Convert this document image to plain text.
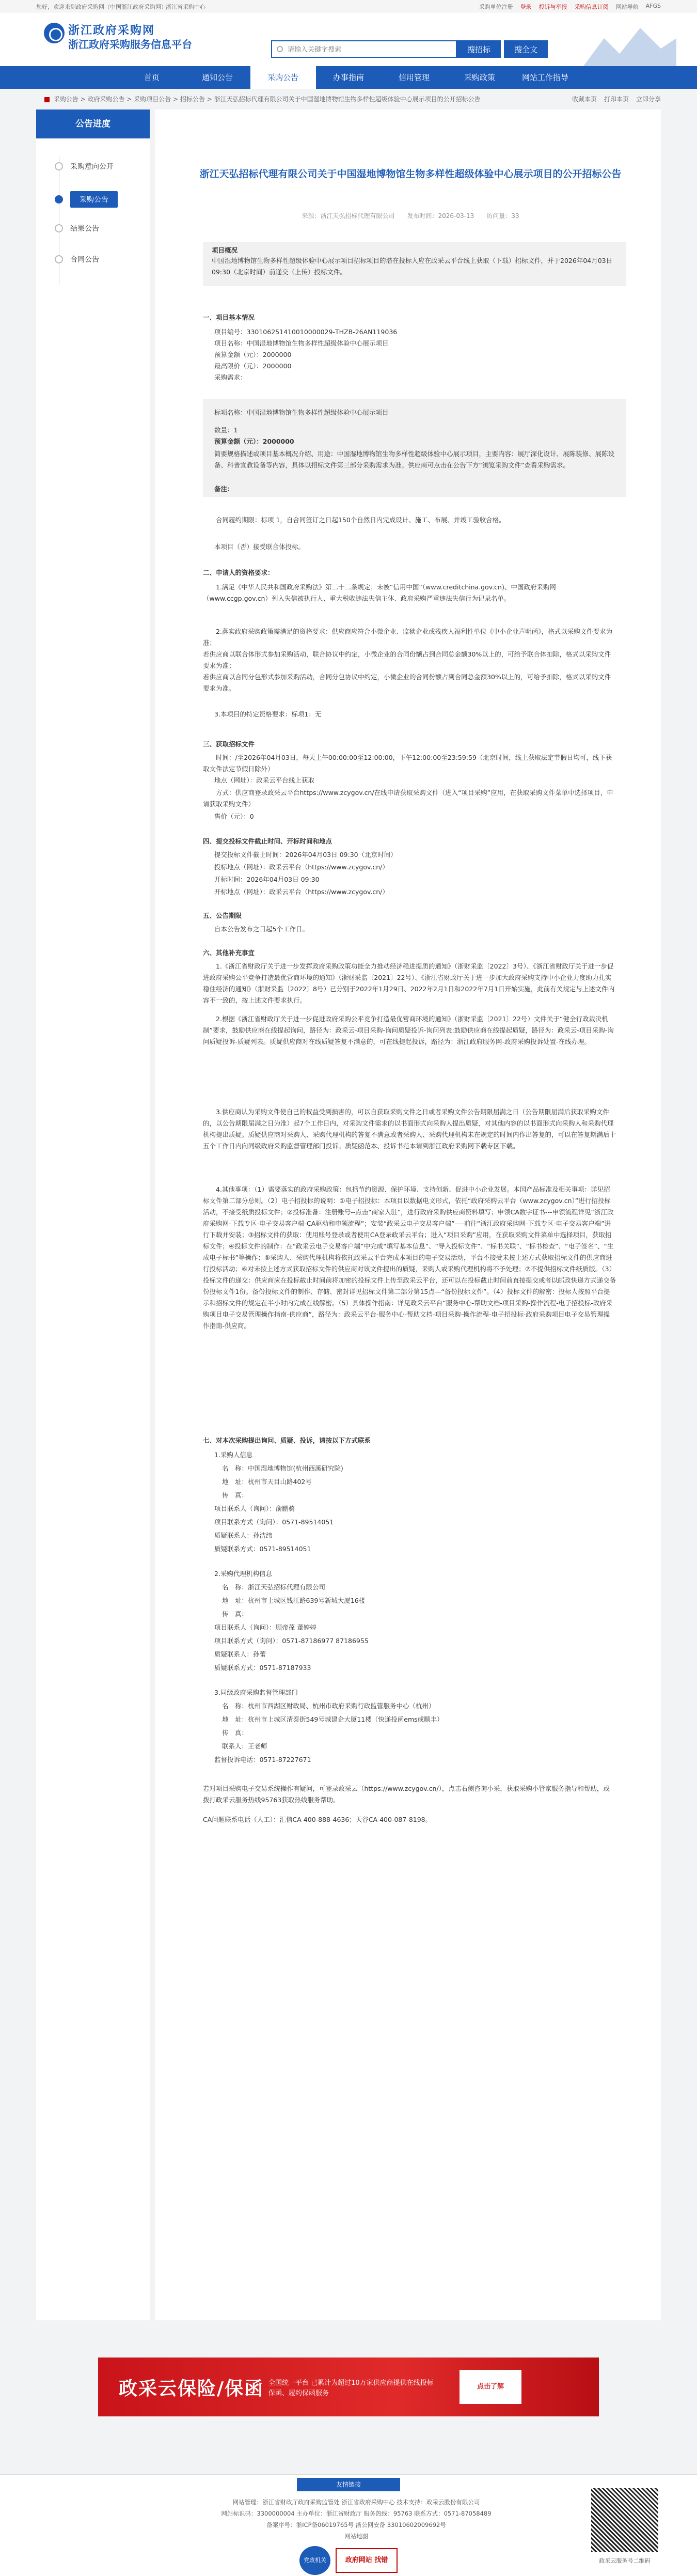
您好，欢迎来到政府采购网（中国浙江政府采购网）·浙江省采购中心	采购单位注册 登录 投诉与举报 采购信息订阅 网站导航 AFGS
浙江政府采购网
浙江政府采购服务信息平台
请输入关键字搜索	搜招标	搜全文
首页	通知公告	采购公告	办事指南	信用管理	采购政策	网站工作指导
采购公告 > 政府采购公告 > 采购项目公告 > 招标公告 > 浙江天弘招标代理有限公司关于中国湿地博物馆生物多样性超级体验中心展示项目的公开招标公告	收藏本页 打印本页 立即分享
公告进度
采购意向公开
采购公告
结果公告
合同公告
浙江天弘招标代理有限公司关于中国湿地博物馆生物多样性超级体验中心展示项目的公开招标公告
来源：浙江天弘招标代理有限公司　　发布时间：2026-03-13　　访问量：33
项目概况
中国湿地博物馆生物多样性超级体验中心展示项目招标项目的潜在投标人应在政采云平台线上获取（下载）招标文件，并于2026年04月03日 09:30（北京时间）前递交（上传）投标文件。
一、项目基本情况
项目编号：330106251410010000029-THZB-26AN119036
项目名称：中国湿地博物馆生物多样性超级体验中心展示项目
预算金额（元）：2000000
最高限价（元）：2000000
采购需求：
标项名称：中国湿地博物馆生物多样性超级体验中心展示项目
数量：1
预算金额（元）：2000000
简要规格描述或项目基本概况介绍、用途：中国湿地博物馆生物多样性超级体验中心展示项目，主要内容：展厅深化设计、展陈装修、展陈设备、科普宣教设备等内容，具体以招标文件第三部分采购需求为准。供应商可点击在公告下方“浏览采购文件”查看采购需求。
备注：
合同履约期限：标项 1，自合同签订之日起150个自然日内完成设计、施工、布展、并竣工验收合格。
本项目（否）接受联合体投标。
二、申请人的资格要求：
1.满足《中华人民共和国政府采购法》第二十二条规定；未被“信用中国”（www.creditchina.gov.cn)、中国政府采购网（www.ccgp.gov.cn）列入失信被执行人、重大税收违法失信主体、政府采购严重违法失信行为记录名单。
2.落实政府采购政策需满足的资格要求：供应商应符合小微企业、监狱企业或残疾人福利性单位《中小企业声明函》，格式以采购文件要求为准；
若供应商以联合体形式参加采购活动，联合协议中约定，小微企业的合同份额占到合同总金额30%以上的，可给予联合体扣除，格式以采购文件要求为准；
若供应商以合同分包形式参加采购活动，合同分包协议中约定，小微企业的合同份额占到合同总金额30%以上的，可给予扣除，格式以采购文件要求为准。
3.本项目的特定资格要求：标项1：无
三、获取招标文件
时间：/至2026年04月03日，每天上午00:00:00至12:00:00，下午12:00:00至23:59:59（北京时间，线上获取法定节假日均可，线下获取文件法定节假日除外）
地点（网址）：政采云平台线上获取
方式：供应商登录政采云平台https://www.zcygov.cn/在线申请获取采购文件（进入“项目采购”应用，在获取采购文件菜单中选择项目，申请获取采购文件）
售价（元）：0
四、提交投标文件截止时间、开标时间和地点
提交投标文件截止时间：2026年04月03日 09:30（北京时间）
投标地点（网址）：政采云平台（https://www.zcygov.cn/）
开标时间：2026年04月03日 09:30
开标地点（网址）：政采云平台（https://www.zcygov.cn/）
五、公告期限
自本公告发布之日起5个工作日。
六、其他补充事宜
1.《浙江省财政厅关于进一步发挥政府采购政策功能全力推动经济稳进提质的通知》（浙财采监〔2022〕3号）、《浙江省财政厅关于进一步促进政府采购公平竞争打造最优营商环境的通知》（浙财采监〔2021〕22号）、《浙江省财政厅关于进一步加大政府采购支持中小企业力度助力扎实稳住经济的通知》（浙财采监〔2022〕8号）已分别于2022年1月29日、2022年2月1日和2022年7月1日开始实施，此前有关规定与上述文件内容不一致的，按上述文件要求执行。
2.根据《浙江省财政厅关于进一步促进政府采购公平竞争打造最优营商环境的通知》（浙财采监〔2021〕22号）文件关于“健全行政裁决机制”要求，鼓励供应商在线提起询问，路径为：政采云-项目采购-询问质疑投诉-询问列表:鼓励供应商在线提起质疑，路径为：政采云-项目采购-询问质疑投诉-质疑列表。质疑供应商对在线质疑答复不满意的，可在线提起投诉，路径为：浙江政府服务网-政府采购投诉处置-在线办理。
3.供应商认为采购文件使自己的权益受到损害的，可以自获取采购文件之日或者采购文件公告期限届满之日（公告期限届满后获取采购文件的，以公告期限届满之日为准）起7个工作日内，对采购文件需求的以书面形式向采购人提出质疑，对其他内容的以书面形式向采购人和采购代理机构提出质疑。质疑供应商对采购人、采购代理机构的答复不满意或者采购人、采购代理机构未在规定的时间内作出答复的，可以在答复期满后十五个工作日内向同级政府采购监督管理部门投诉。质疑函范本、投诉书范本请到浙江政府采购网下载专区下载。
4.其他事项：（1）需要落实的政府采购政策：包括节约资源、保护环境、支持创新、促进中小企业发展。本国产品标准及相关事项：详见招标文件第二部分总则。（2）电子招投标的说明：①电子招投标：本项目以数据电文形式，依托“政府采购云平台（www.zcygov.cn）”进行招投标活动，不接受纸质投标文件；②投标准备：注册账号--点击“商家入驻”，进行政府采购供应商资料填写；申领CA数字证书---申领流程详见“浙江政府采购网-下载专区-电子交易客户端-CA驱动和申领流程”；安装“政采云电子交易客户端”----前往“浙江政府采购网-下载专区-电子交易客户端”进行下载并安装；③招标文件的获取：使用账号登录或者使用CA登录政采云平台；进入“项目采购”应用，在获取采购文件菜单中选择项目，获取招标文件；④投标文件的制作：在“政采云电子交易客户端”中完成“填写基本信息”、“导入投标文件”、“标书关联”、“标书检查”、“电子签名”、“生成电子标书”等操作；⑤采购人、采购代理机构将依托政采云平台完成本项目的电子交易活动，平台不接受未按上述方式获取招标文件的供应商进行投标活动；⑥对未按上述方式获取招标文件的供应商对该文件提出的质疑，采购人或采购代理机构将不予处理；⑦不提供招标文件纸质版。（3）投标文件的递交：供应商应在投标截止时间前将加密的投标文件上传至政采云平台，还可以在投标截止时间前直接提交或者以邮政快递方式递交备份投标文件1份。备份投标文件的制作、存储、密封详见招标文件第二部分第15点—“备份投标文件”。（4）投标文件的解密：投标人按照平台提示和招标文件的规定在半小时内完成在线解密。（5）具体操作指南：详见政采云平台“服务中心-帮助文档-项目采购-操作流程-电子招投标-政府采购项目电子交易管理操作指南-供应商”，路径为：政采云平台-服务中心-帮助文档-项目采购-操作流程-电子招投标-政府采购项目电子交易管理操作指南-供应商。
七、对本次采购提出询问、质疑、投诉，请按以下方式联系
1.采购人信息
名　称：中国湿地博物馆(杭州西溪研究院)
地　址：杭州市天目山路402号
传　真：
项目联系人（询问）：俞鹏骑
项目联系方式（询问）：0571-89514051
质疑联系人：孙洁纬
质疑联系方式：0571-89514051
2.采购代理机构信息
名　称：浙江天弘招标代理有限公司
地　址：杭州市上城区钱江路639号新城大厦16楼
传　真：
项目联系人（询问）：顾帝葆 董婷婷
项目联系方式（询问）：0571-87186977 87186955
质疑联系人：孙蕾
质疑联系方式：0571-87187933
3.同级政府采购监督管理部门
名　称：杭州市西湖区财政局、杭州市政府采购行政监管服务中心（杭州）
地　址：杭州市上城区清泰街549号城建企大厦11楼（快递投函ems或顺丰）
传　真：
联系人：王老师
监督投诉电话：0571-87227671
若对项目采购电子交易系统操作有疑问，可登录政采云（https://www.zcygov.cn/），点击右侧咨询小采，获取采购小管家服务指导和帮助，或拨打政采云服务热线95763获取热线服务帮助。
CA问题联系电话（人工）：汇信CA 400-888-4636；天谷CA 400-087-8198。
政采云保险/保函 全国统一平台 已累计为超过10万家供应商提供在线投标保函、履约保函服务
点击了解
友情链接
网站管理：浙江省财政厅政府采购监管处 浙江省政府采购中心 技术支持：政采云股份有限公司
网站标识码：3300000004 主办单位：浙江省财政厅 服务热线：95763 联系方式：0571-87058489
备案序号：浙ICP备06019765号 浙公网安备 33010602009692号
网站地图
政采云服务号二维码
党政机关	政府网站 找错
